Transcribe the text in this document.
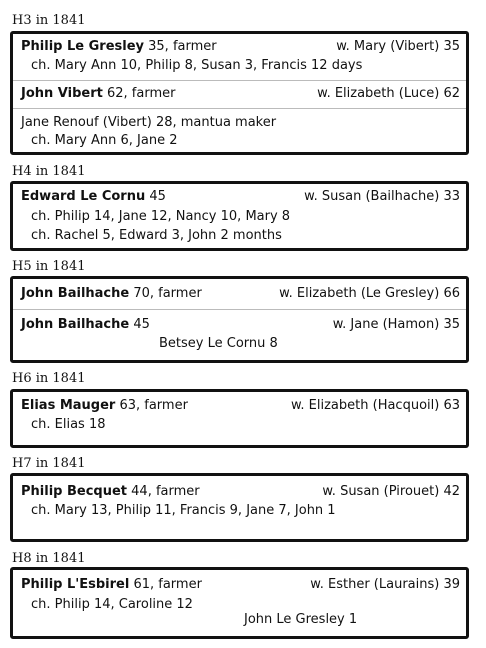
H3 in 1841
Philip Le Gresley 35, farmer	w. Mary (Vibert) 35
ch. Mary Ann 10, Philip 8, Susan 3, Francis 12 days
John Vibert 62, farmer	w. Elizabeth (Luce) 62
Jane Renouf (Vibert) 28, mantua maker
ch. Mary Ann 6, Jane 2
H4 in 1841
Edward Le Cornu 45	w. Susan (Bailhache) 33
ch. Philip 14, Jane 12, Nancy 10, Mary 8
ch. Rachel 5, Edward 3, John 2 months
H5 in 1841
John Bailhache 70, farmer	w. Elizabeth (Le Gresley) 66
John Bailhache 45	w. Jane (Hamon) 35
Betsey Le Cornu 8
H6 in 1841
Elias Mauger 63, farmer	w. Elizabeth (Hacquoil) 63
ch. Elias 18
H7 in 1841
Philip Becquet 44, farmer	w. Susan (Pirouet) 42
ch. Mary 13, Philip 11, Francis 9, Jane 7, John 1
H8 in 1841
Philip L'Esbirel 61, farmer	w. Esther (Laurains) 39
ch. Philip 14, Caroline 12
John Le Gresley 1
